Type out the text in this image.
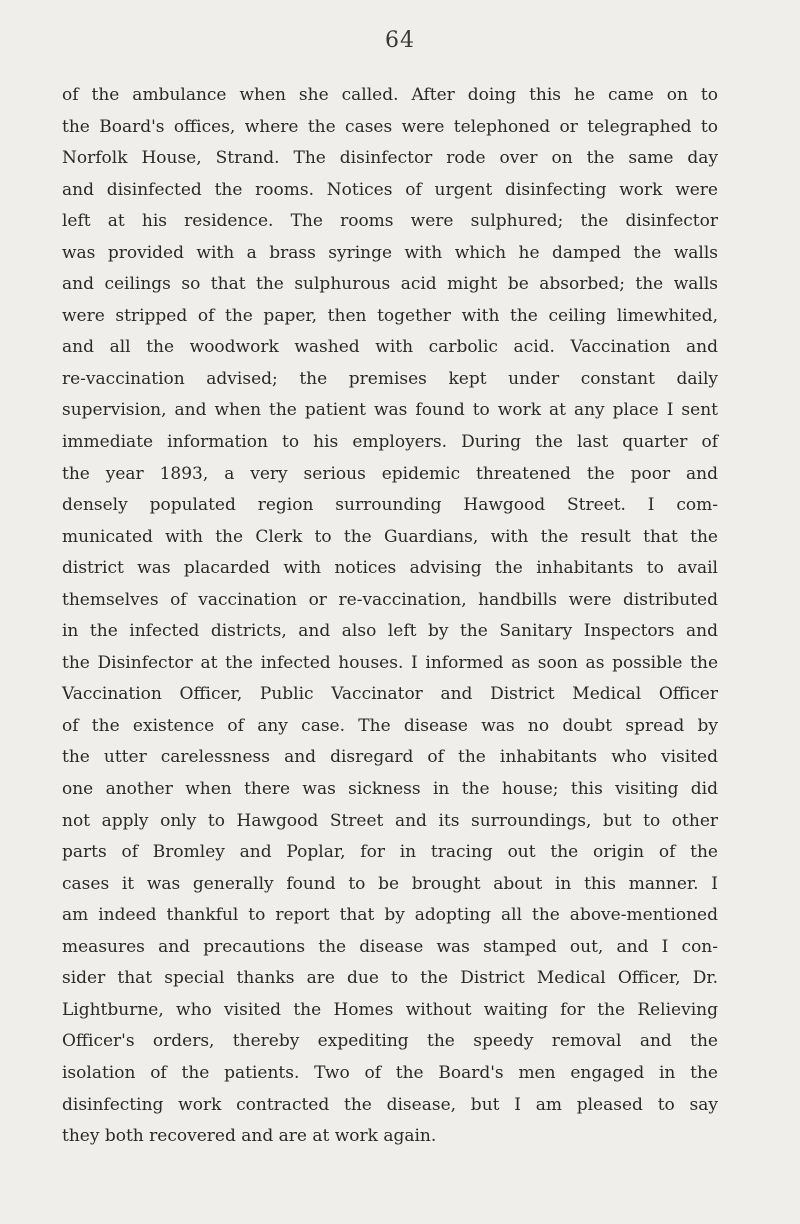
64
of the ambulance when she called. After doing this he came on to
the Board's offices, where the cases were telephoned or telegraphed to
Norfolk House, Strand. The disinfector rode over on the same day
and disinfected the rooms. Notices of urgent disinfecting work were
left at his residence. The rooms were sulphured; the disinfector
was provided with a brass syringe with which he damped the walls
and ceilings so that the sulphurous acid might be absorbed; the walls
were stripped of the paper, then together with the ceiling limewhited,
and all the woodwork washed with carbolic acid. Vaccination and
re-vaccination advised; the premises kept under constant daily
supervision, and when the patient was found to work at any place I sent
immediate information to his employers. During the last quarter of
the year 1893, a very serious epidemic threatened the poor and
densely populated region surrounding Hawgood Street. I com-
municated with the Clerk to the Guardians, with the result that the
district was placarded with notices advising the inhabitants to avail
themselves of vaccination or re-vaccination, handbills were distributed
in the infected districts, and also left by the Sanitary Inspectors and
the Disinfector at the infected houses. I informed as soon as possible the
Vaccination Officer, Public Vaccinator and District Medical Officer
of the existence of any case. The disease was no doubt spread by
the utter carelessness and disregard of the inhabitants who visited
one another when there was sickness in the house; this visiting did
not apply only to Hawgood Street and its surroundings, but to other
parts of Bromley and Poplar, for in tracing out the origin of the
cases it was generally found to be brought about in this manner. I
am indeed thankful to report that by adopting all the above-mentioned
measures and precautions the disease was stamped out, and I con-
sider that special thanks are due to the District Medical Officer, Dr.
Lightburne, who visited the Homes without waiting for the Relieving
Officer's orders, thereby expediting the speedy removal and the
isolation of the patients. Two of the Board's men engaged in the
disinfecting work contracted the disease, but I am pleased to say
they both recovered and are at work again.
